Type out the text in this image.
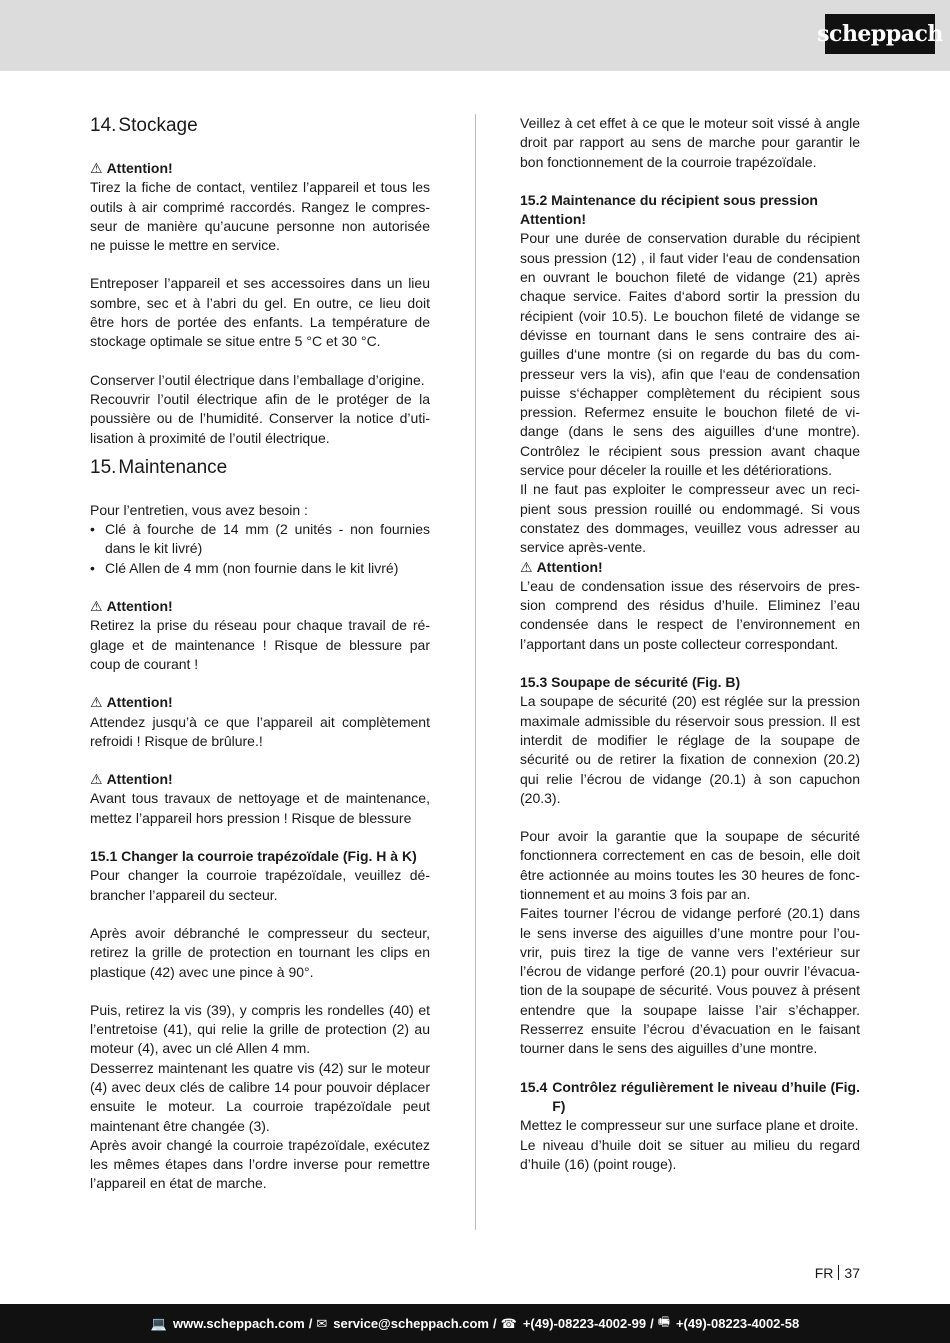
scheppach
14. Stockage
⚠ Attention!

Tirez la fiche de contact, ventilez l’appareil et tous les outils à air comprimé raccordés. Rangez le compresseur de manière qu’aucune personne non autorisée ne puisse le mettre en service.

Entreposer l’appareil et ses accessoires dans un lieu sombre, sec et à l’abri du gel. En outre, ce lieu doit être hors de portée des enfants. La température de stockage optimale se situe entre 5 °C et 30 °C.

Conserver l’outil électrique dans l’emballage d’origine.

Recouvrir l’outil électrique afin de le protéger de la poussière ou de l’humidité. Conserver la notice d’utilisation à proximité de l’outil électrique.

15. Maintenance

Pour l’entretien, vous avez besoin :

• Clé à fourche de 14 mm (2 unités - non fournies dans le kit livré)
• Clé Allen de 4 mm (non fournie dans le kit livré)
⚠ Attention!

Retirez la prise du réseau pour chaque travail de réglage et de maintenance ! Risque de blessure par coup de courant !

⚠ Attention!

Attendez jusqu’à ce que l’appareil ait complètement refroidi ! Risque de brûlure.!

⚠ Attention!

Avant tous travaux de nettoyage et de maintenance, mettez l’appareil hors pression ! Risque de blessure

15.1 Changer la courroie trapézoïdale (Fig. H à K)

Pour changer la courroie trapézoïdale, veuillez débrancher l’appareil du secteur.

Après avoir débranché le compresseur du secteur, retirez la grille de protection en tournant les clips en plastique (42) avec une pince à 90°.

Puis, retirez la vis (39), y compris les rondelles (40) et l’entretoise (41), qui relie la grille de protection (2) au moteur (4), avec un clé Allen 4 mm.

Desserrez maintenant les quatre vis (42) sur le moteur (4) avec deux clés de calibre 14 pour pouvoir déplacer ensuite le moteur. La courroie trapézoïdale peut maintenant être changée (3).

Après avoir changé la courroie trapézoïdale, exécutez les mêmes étapes dans l’ordre inverse pour remettre l’appareil en état de marche.

Veillez à cet effet à ce que le moteur soit vissé à angle droit par rapport au sens de marche pour garantir le bon fonctionnement de la courroie trapézoïdale.

15.2 Maintenance du récipient sous pression
Attention!

Pour une durée de conservation durable du récipient sous pression (12) , il faut vider l‘eau de condensation en ouvrant le bouchon fileté de vidange (21) après chaque service. Faites d‘abord sortir la pression du récipient (voir 10.5). Le bouchon fileté de vidange se dévisse en tournant dans le sens contraire des aiguilles d‘une montre (si on regarde du bas du compresseur vers la vis), afin que l‘eau de condensation puisse s‘échapper complètement du récipient sous pression. Refermez ensuite le bouchon fileté de vidange (dans le sens des aiguilles d‘une montre). Contrôlez le récipient sous pression avant chaque service pour déceler la rouille et les détériorations.

Il ne faut pas exploiter le compresseur avec un recipient sous pression rouillé ou endommagé. Si vous constatez des dommages, veuillez vous adresser au service après-vente.

⚠ Attention!

L’eau de condensation issue des réservoirs de pression comprend des résidus d’huile. Eliminez l’eau condensée dans le respect de l’environnement en l’apportant dans un poste collecteur correspondant.

15.3 Soupape de sécurité (Fig. B)

La soupape de sécurité (20) est réglée sur la pression maximale admissible du réservoir sous pression. Il est interdit de modifier le réglage de la soupape de sécurité ou de retirer la fixation de connexion (20.2) qui relie l’écrou de vidange (20.1) à son capuchon (20.3).

Pour avoir la garantie que la soupape de sécurité fonctionnera correctement en cas de besoin, elle doit être actionnée au moins toutes les 30 heures de fonctionnement et au moins 3 fois par an.

Faites tourner l’écrou de vidange perforé (20.1) dans le sens inverse des aiguilles d’une montre pour l’ouvrir, puis tirez la tige de vanne vers l’extérieur sur l’écrou de vidange perforé (20.1) pour ouvrir l’évacuation de la soupape de sécurité. Vous pouvez à présent entendre que la soupape laisse l’air s’échapper. Resserrez ensuite l’écrou d’évacuation en le faisant tourner dans le sens des aiguilles d’une montre.

15.4 Contrôlez régulièrement le niveau d’huile (Fig. F)

Mettez le compresseur sur une surface plane et droite.

Le niveau d’huile doit se situer au milieu du regard d’huile (16) (point rouge).

FR 37
💻 www.scheppach.com / ✉ service@scheppach.com / ☎ +(49)-08223-4002-99 / 🖷 +(49)-08223-4002-58
